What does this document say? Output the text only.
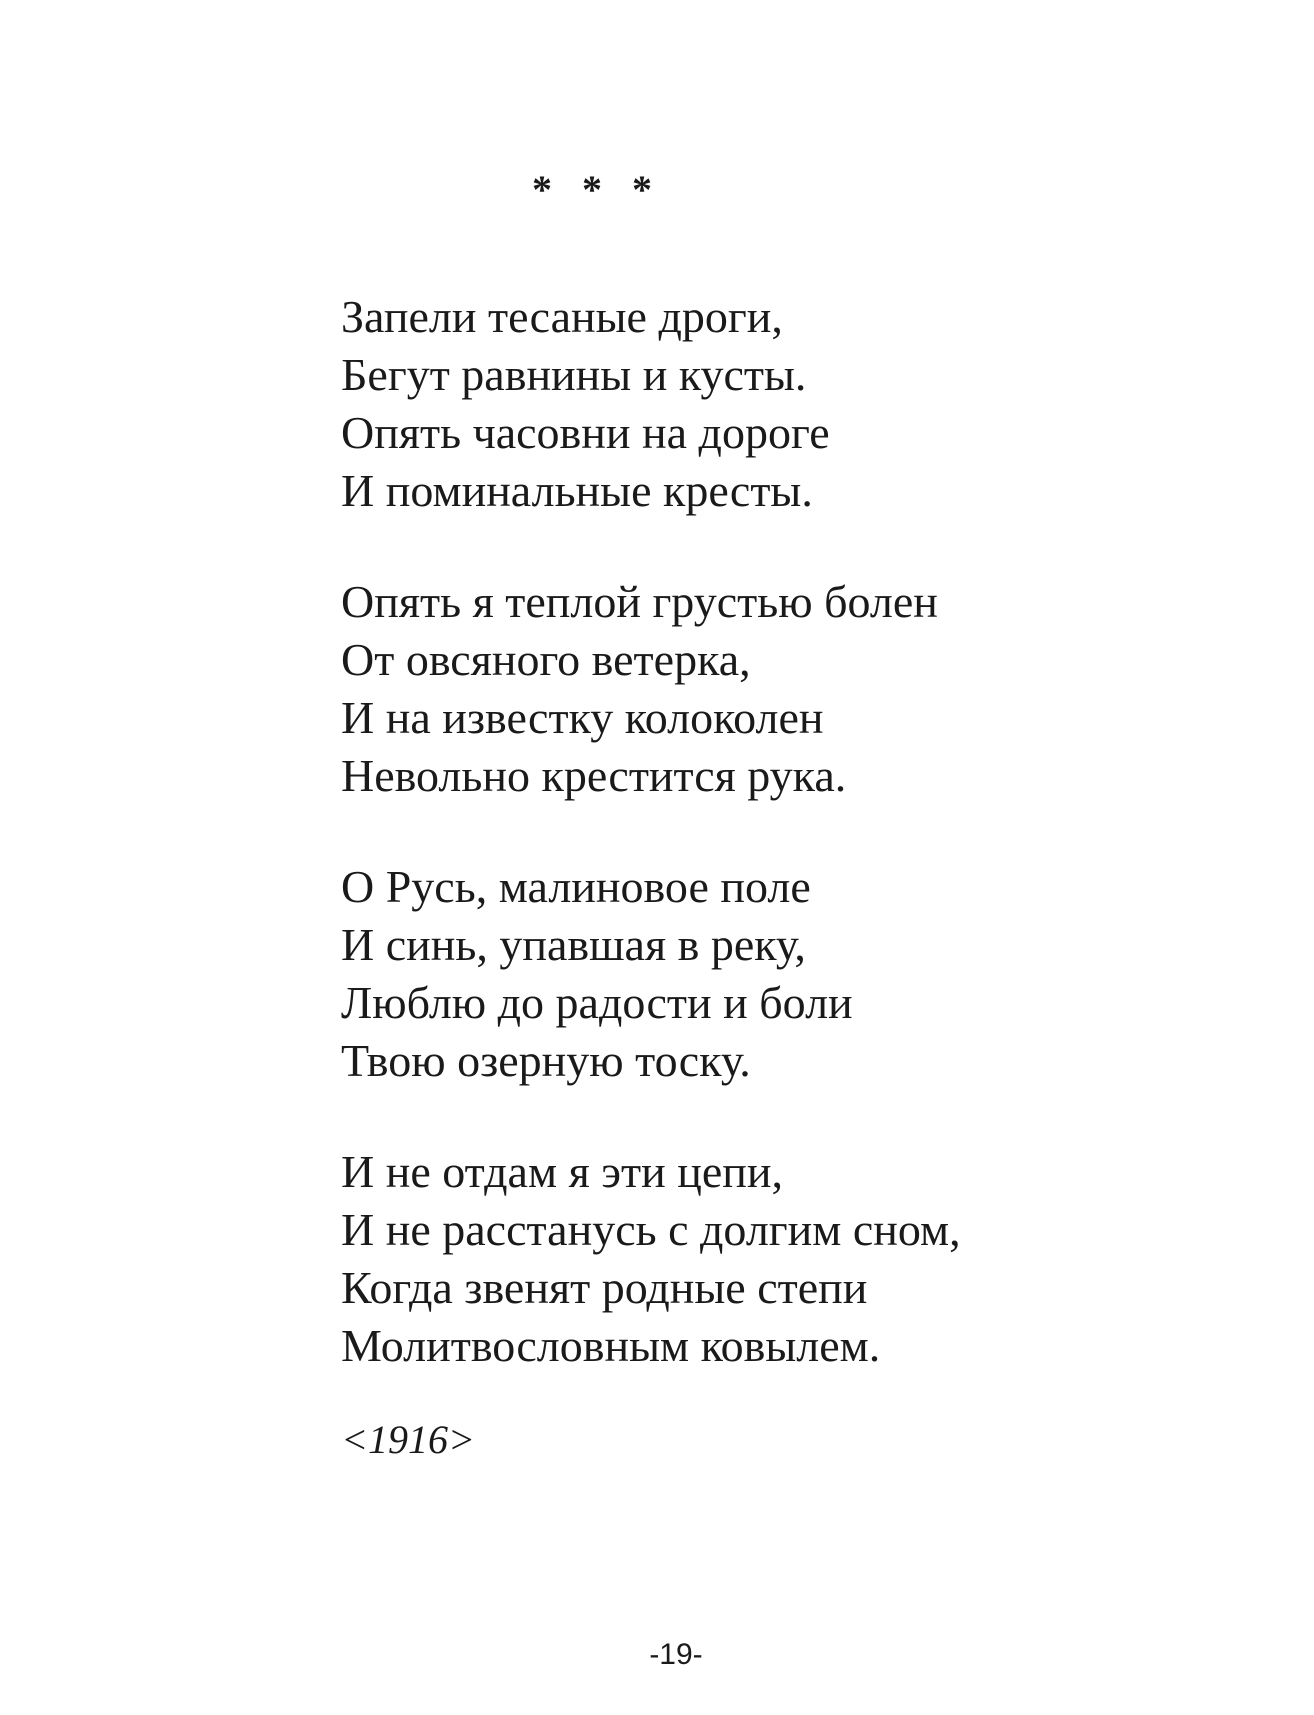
*   *   *
Запели тесаные дроги,
Бегут равнины и кусты.
Опять часовни на дороге
И поминальные кресты.
Опять я теплой грустью болен
От овсяного ветерка,
И на известку колоколен
Невольно крестится рука.
О Русь, малиновое поле
И синь, упавшая в реку,
Люблю до радости и боли
Твою озерную тоску.
И не отдам я эти цепи,
И не расстанусь с долгим сном,
Когда звенят родные степи
Молитвословным ковылем.
<1916>
-19-
